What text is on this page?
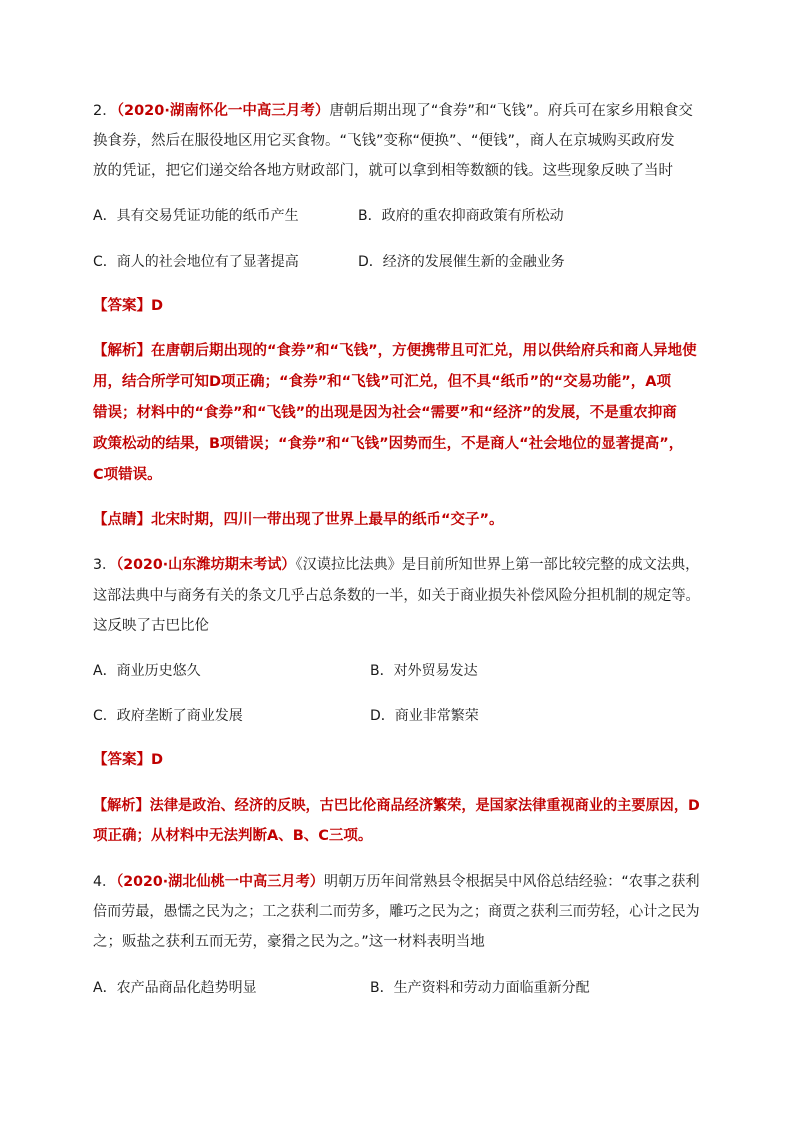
2．（2020·湖南怀化一中高三月考）唐朝后期出现了“食券”和“飞钱”。府兵可在家乡用粮食交
换食券，然后在服役地区用它买食物。“飞钱”变称“便换”、“便钱”，商人在京城购买政府发
放的凭证，把它们递交给各地方财政部门，就可以拿到相等数额的钱。这些现象反映了当时
A．具有交易凭证功能的纸币产生	B．政府的重农抑商政策有所松动
C．商人的社会地位有了显著提高	D．经济的发展催生新的金融业务
【答案】D
【解析】在唐朝后期出现的“食券”和“飞钱”，方便携带且可汇兑，用以供给府兵和商人异地使
用，结合所学可知D项正确；“食券”和“飞钱”可汇兑，但不具“纸币”的“交易功能”，A项
错误；材料中的“食券”和“飞钱”的出现是因为社会“需要”和“经济”的发展，不是重农抑商
政策松动的结果，B项错误；“食券”和“飞钱”因势而生，不是商人“社会地位的显著提高”，
C项错误。
【点睛】北宋时期，四川一带出现了世界上最早的纸币“交子”。
3．（2020·山东潍坊期末考试）《汉谟拉比法典》是目前所知世界上第一部比较完整的成文法典，
这部法典中与商务有关的条文几乎占总条数的一半，如关于商业损失补偿风险分担机制的规定等。
这反映了古巴比伦
A．商业历史悠久	B．对外贸易发达
C．政府垄断了商业发展	D．商业非常繁荣
【答案】D
【解析】法律是政治、经济的反映，古巴比伦商品经济繁荣，是国家法律重视商业的主要原因，D
项正确；从材料中无法判断A、B、C三项。
4．（2020·湖北仙桃一中高三月考）明朝万历年间常熟县令根据吴中风俗总结经验：“农事之获利
倍而劳最，愚懦之民为之；工之获利二而劳多，雕巧之民为之；商贾之获利三而劳轻，心计之民为
之；贩盐之获利五而无劳，豪猾之民为之。”这一材料表明当地
A．农产品商品化趋势明显	B．生产资料和劳动力面临重新分配
